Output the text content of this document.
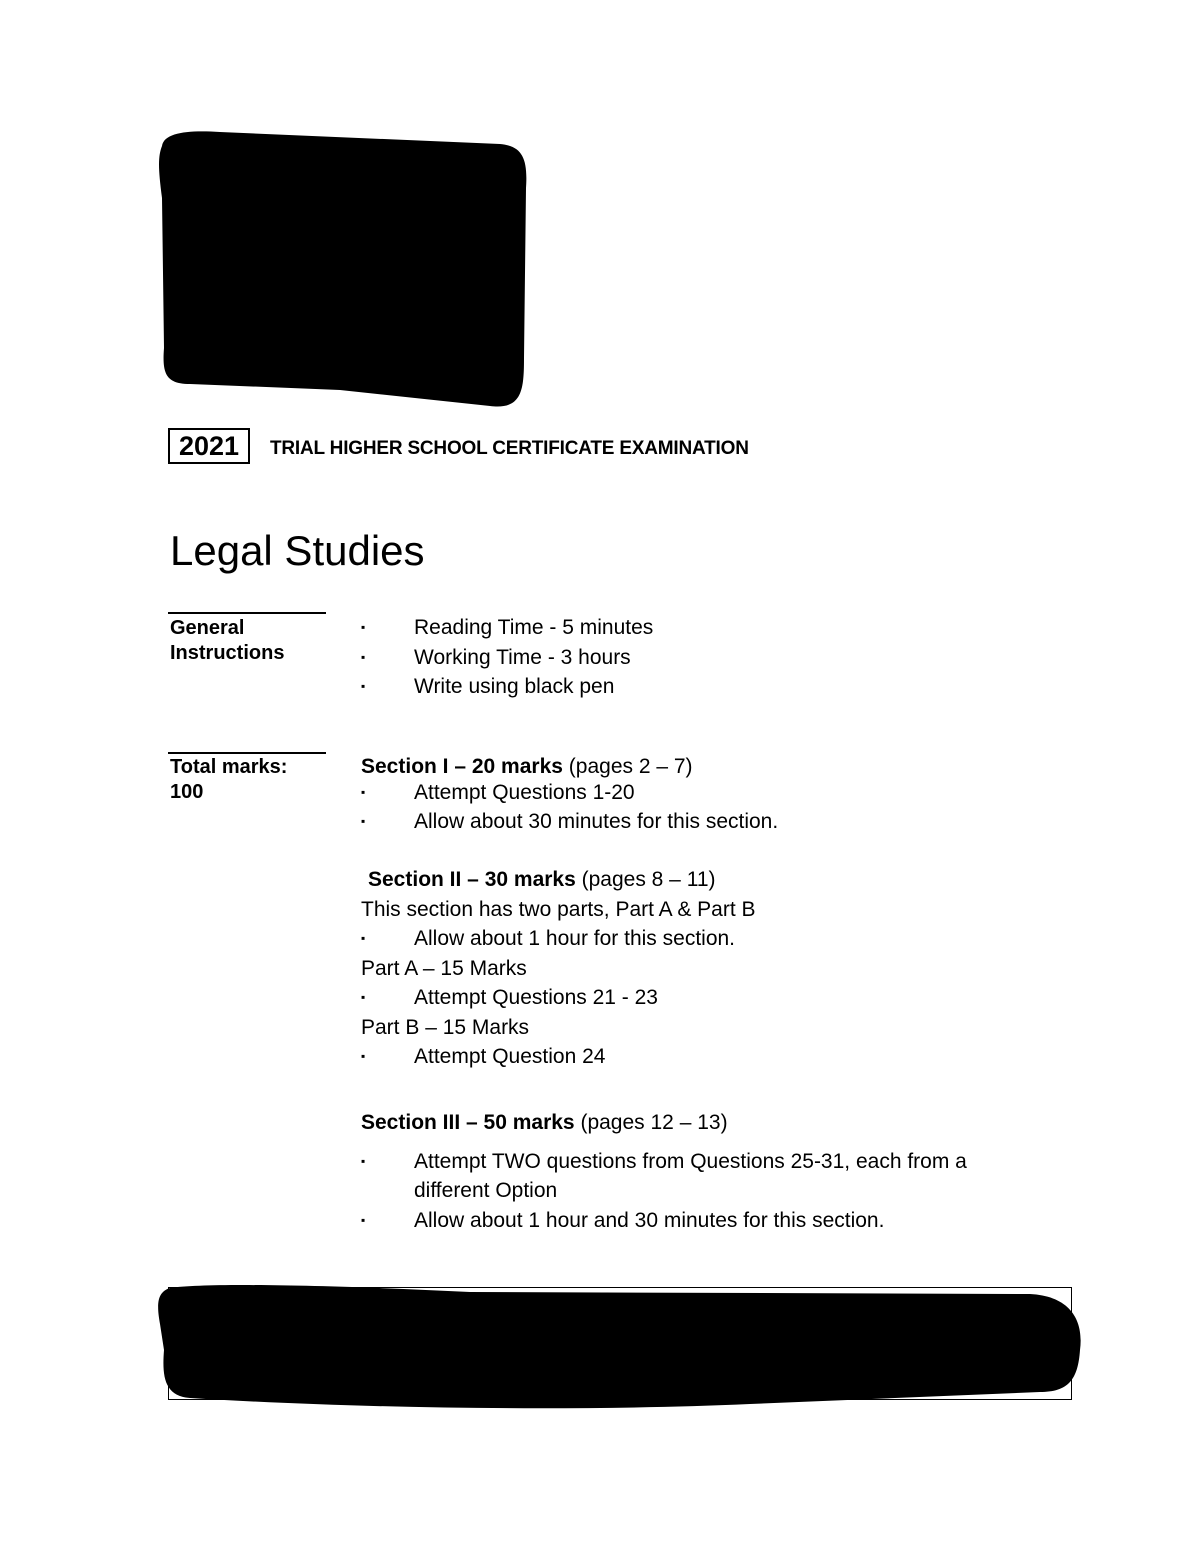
2021	TRIAL HIGHER SCHOOL CERTIFICATE EXAMINATION
Legal Studies
General
Instructions
▪ Reading Time - 5 minutes
▪ Working Time - 3 hours
▪ Write using black pen
Total marks:
100
Section I – 20 marks (pages 2 – 7)
▪ Attempt Questions 1-20
▪ Allow about 30 minutes for this section.
Section II – 30 marks (pages 8 – 11)
This section has two parts, Part A & Part B
▪ Allow about 1 hour for this section.
Part A – 15 Marks
▪ Attempt Questions 21 - 23
Part B – 15 Marks
▪ Attempt Question 24
Section III – 50 marks (pages 12 – 13)
▪ Attempt TWO questions from Questions 25-31, each from a different Option
▪ Allow about 1 hour and 30 minutes for this section.
